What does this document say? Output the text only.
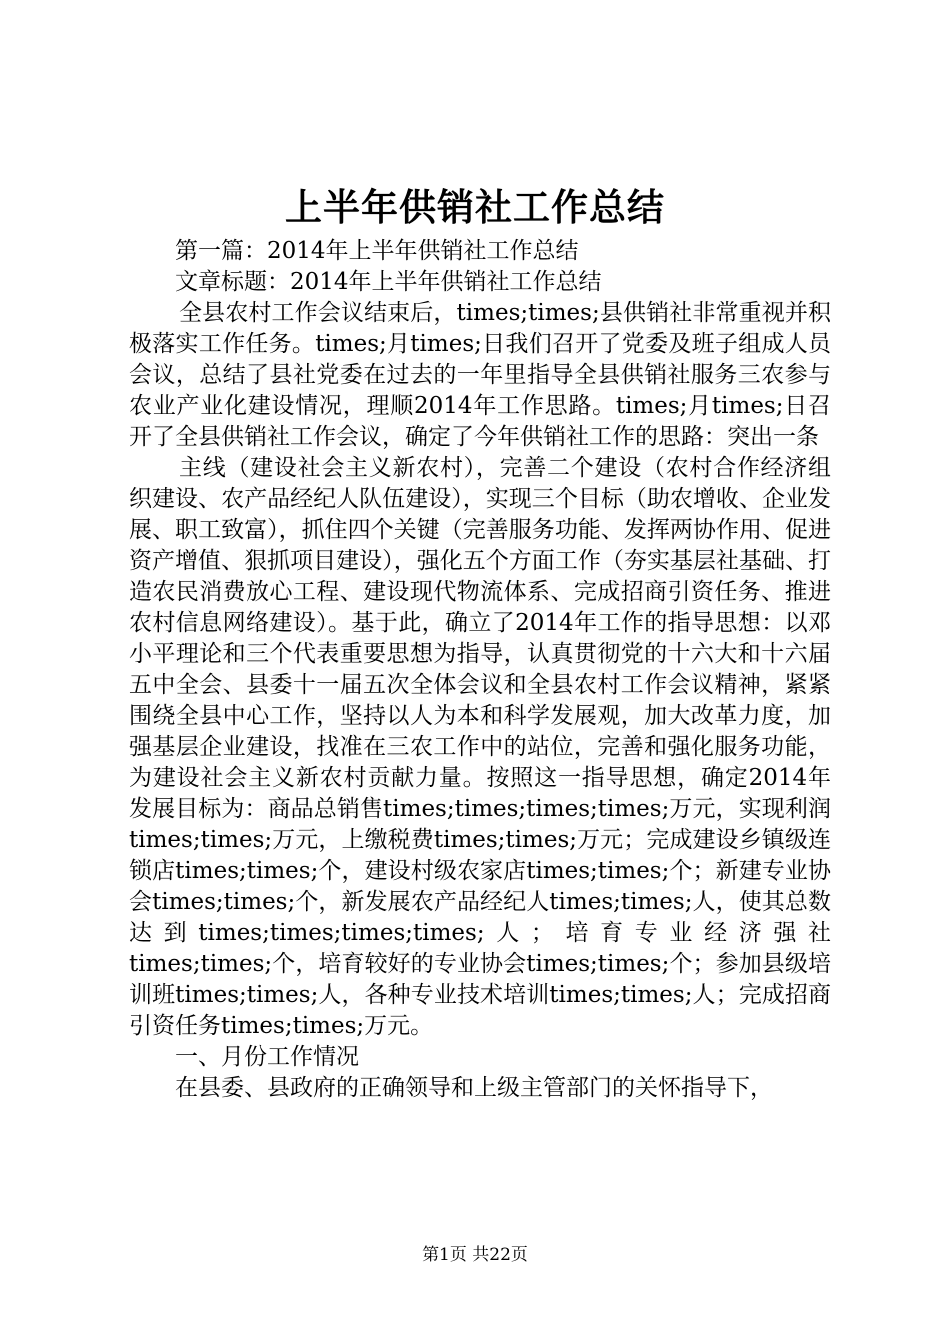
上半年供销社工作总结

第一篇：2014年上半年供销社工作总结

文章标题：2014年上半年供销社工作总结

全县农村工作会议结束后，times;times;县供销社非常重视并积极落实工作任务。times;月times;日我们召开了党委及班子组成人员会议，总结了县社党委在过去的一年里指导全县供销社服务三农参与农业产业化建设情况，理顺2014年工作思路。times;月times;日召开了全县供销社工作会议，确定了今年供销社工作的思路：突出一条

主线（建设社会主义新农村），完善二个建设（农村合作经济组织建设、农产品经纪人队伍建设），实现三个目标（助农增收、企业发展、职工致富），抓住四个关键（完善服务功能、发挥两协作用、促进资产增值、狠抓项目建设），强化五个方面工作（夯实基层社基础、打造农民消费放心工程、建设现代物流体系、完成招商引资任务、推进农村信息网络建设）。基于此，确立了2014年工作的指导思想：以邓小平理论和三个代表重要思想为指导，认真贯彻党的十六大和十六届五中全会、县委十一届五次全体会议和全县农村工作会议精神，紧紧围绕全县中心工作，坚持以人为本和科学发展观，加大改革力度，加强基层企业建设，找准在三农工作中的站位，完善和强化服务功能，为建设社会主义新农村贡献力量。按照这一指导思想，确定2014年发展目标为：商品总销售times;times;times;times;万元，实现利润times;times;万元，上缴税费times;times;万元；完成建设乡镇级连锁店times;times;个，建设村级农家店times;times;个；新建专业协会times;times;个，新发展农产品经纪人times;times;人，使其总数达到times;times;times;times;人；培育专业经济强社times;times;个，培育较好的专业协会times;times;个；参加县级培训班times;times;人，各种专业技术培训times;times;人；完成招商引资任务times;times;万元。

一、月份工作情况

在县委、县政府的正确领导和上级主管部门的关怀指导下，

第1页 共22页
